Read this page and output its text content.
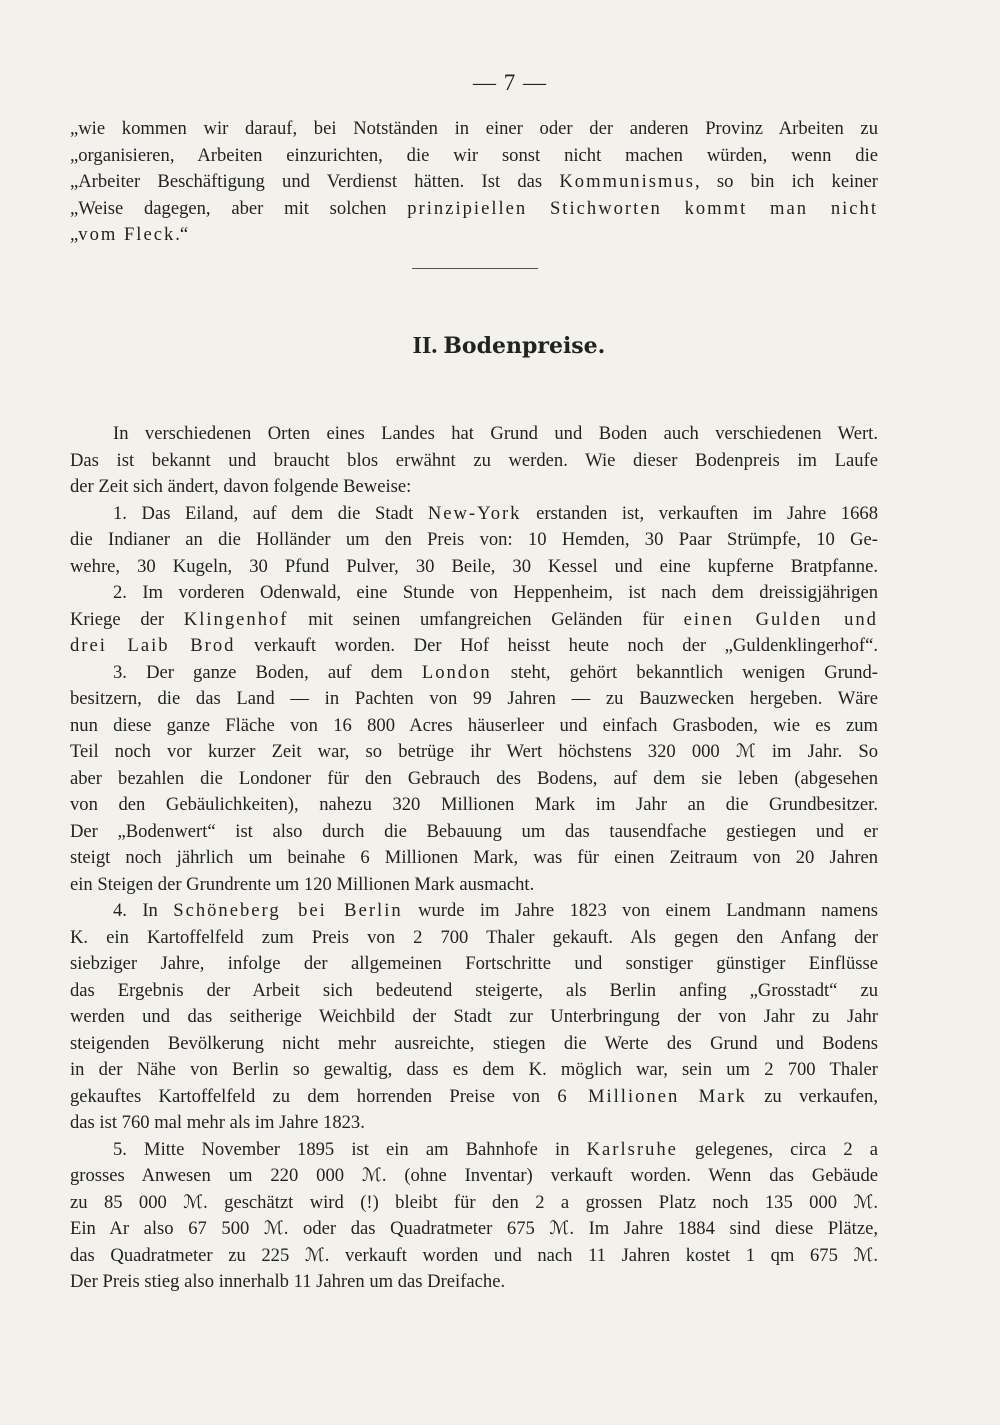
— 7 —
„wie kommen wir darauf, bei Notständen in einer oder der anderen Provinz Arbeiten zu
„organisieren, Arbeiten einzurichten, die wir sonst nicht machen würden, wenn die
„Arbeiter Beschäftigung und Verdienst hätten. Ist das Kommunismus, so bin ich keiner
„Weise dagegen, aber mit solchen prinzipiellen Stichworten kommt man nicht
„vom Fleck.“
II. Bodenpreise.
In verschiedenen Orten eines Landes hat Grund und Boden auch verschiedenen Wert.
Das ist bekannt und braucht blos erwähnt zu werden. Wie dieser Bodenpreis im Laufe
der Zeit sich ändert, davon folgende Beweise:
1. Das Eiland, auf dem die Stadt New-York erstanden ist, verkauften im Jahre 1668
die Indianer an die Holländer um den Preis von: 10 Hemden, 30 Paar Strümpfe, 10 Ge-
wehre, 30 Kugeln, 30 Pfund Pulver, 30 Beile, 30 Kessel und eine kupferne Bratpfanne.
2. Im vorderen Odenwald, eine Stunde von Heppenheim, ist nach dem dreissigjährigen
Kriege der Klingenhof mit seinen umfangreichen Geländen für einen Gulden und
drei Laib Brod verkauft worden. Der Hof heisst heute noch der „Guldenklingerhof“.
3. Der ganze Boden, auf dem London steht, gehört bekanntlich wenigen Grund-
besitzern, die das Land — in Pachten von 99 Jahren — zu Bauzwecken hergeben. Wäre
nun diese ganze Fläche von 16 800 Acres häuserleer und einfach Grasboden, wie es zum
Teil noch vor kurzer Zeit war, so betrüge ihr Wert höchstens 320 000 ℳ im Jahr. So
aber bezahlen die Londoner für den Gebrauch des Bodens, auf dem sie leben (abgesehen
von den Gebäulichkeiten), nahezu 320 Millionen Mark im Jahr an die Grundbesitzer.
Der „Bodenwert“ ist also durch die Bebauung um das tausendfache gestiegen und er
steigt noch jährlich um beinahe 6 Millionen Mark, was für einen Zeitraum von 20 Jahren
ein Steigen der Grundrente um 120 Millionen Mark ausmacht.
4. In Schöneberg bei Berlin wurde im Jahre 1823 von einem Landmann namens
K. ein Kartoffelfeld zum Preis von 2 700 Thaler gekauft. Als gegen den Anfang der
siebziger Jahre, infolge der allgemeinen Fortschritte und sonstiger günstiger Einflüsse
das Ergebnis der Arbeit sich bedeutend steigerte, als Berlin anfing „Grosstadt“ zu
werden und das seitherige Weichbild der Stadt zur Unterbringung der von Jahr zu Jahr
steigenden Bevölkerung nicht mehr ausreichte, stiegen die Werte des Grund und Bodens
in der Nähe von Berlin so gewaltig, dass es dem K. möglich war, sein um 2 700 Thaler
gekauftes Kartoffelfeld zu dem horrenden Preise von 6 Millionen Mark zu verkaufen,
das ist 760 mal mehr als im Jahre 1823.
5. Mitte November 1895 ist ein am Bahnhofe in Karlsruhe gelegenes, circa 2 a
grosses Anwesen um 220 000 ℳ. (ohne Inventar) verkauft worden. Wenn das Gebäude
zu 85 000 ℳ. geschätzt wird (!) bleibt für den 2 a grossen Platz noch 135 000 ℳ.
Ein Ar also 67 500 ℳ. oder das Quadratmeter 675 ℳ. Im Jahre 1884 sind diese Plätze,
das Quadratmeter zu 225 ℳ. verkauft worden und nach 11 Jahren kostet 1 qm 675 ℳ.
Der Preis stieg also innerhalb 11 Jahren um das Dreifache.
